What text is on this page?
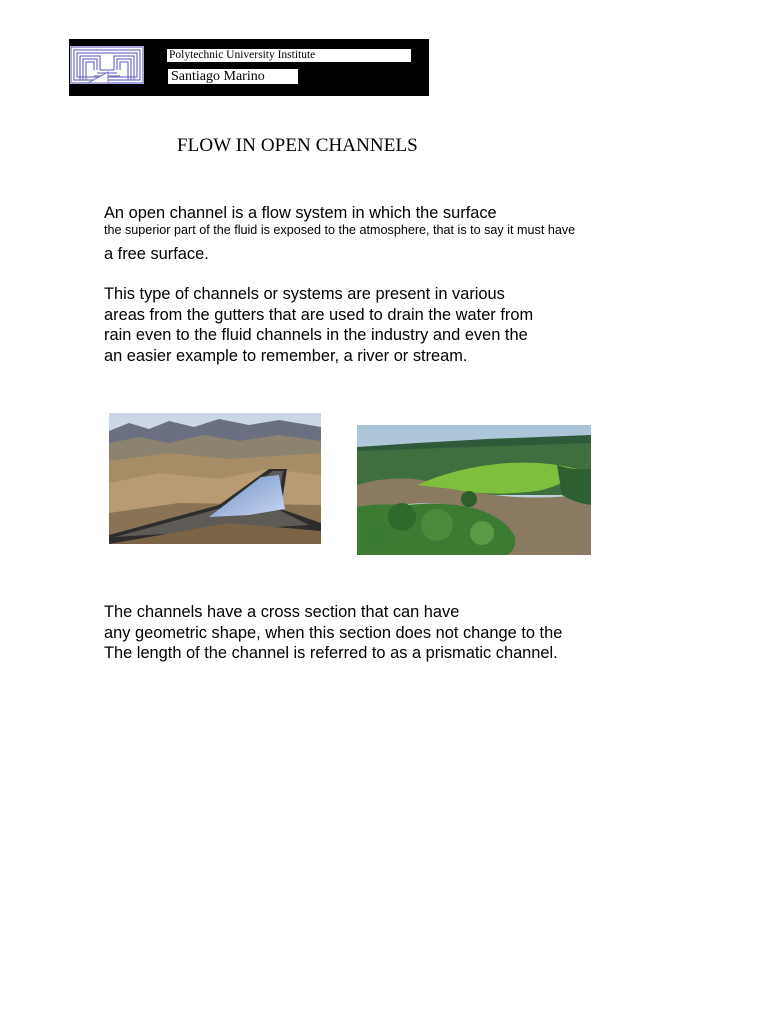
Polytechnic University Institute
Santiago Marino
FLOW IN OPEN CHANNELS
An open channel is a flow system in which the surface
the superior part of the fluid is exposed to the atmosphere, that is to say it must have
a free surface.
This type of channels or systems are present in various
areas from the gutters that are used to drain the water from
rain even to the fluid channels in the industry and even the
an easier example to remember, a river or stream.
The channels have a cross section that can have
any geometric shape, when this section does not change to the
The length of the channel is referred to as a prismatic channel.
